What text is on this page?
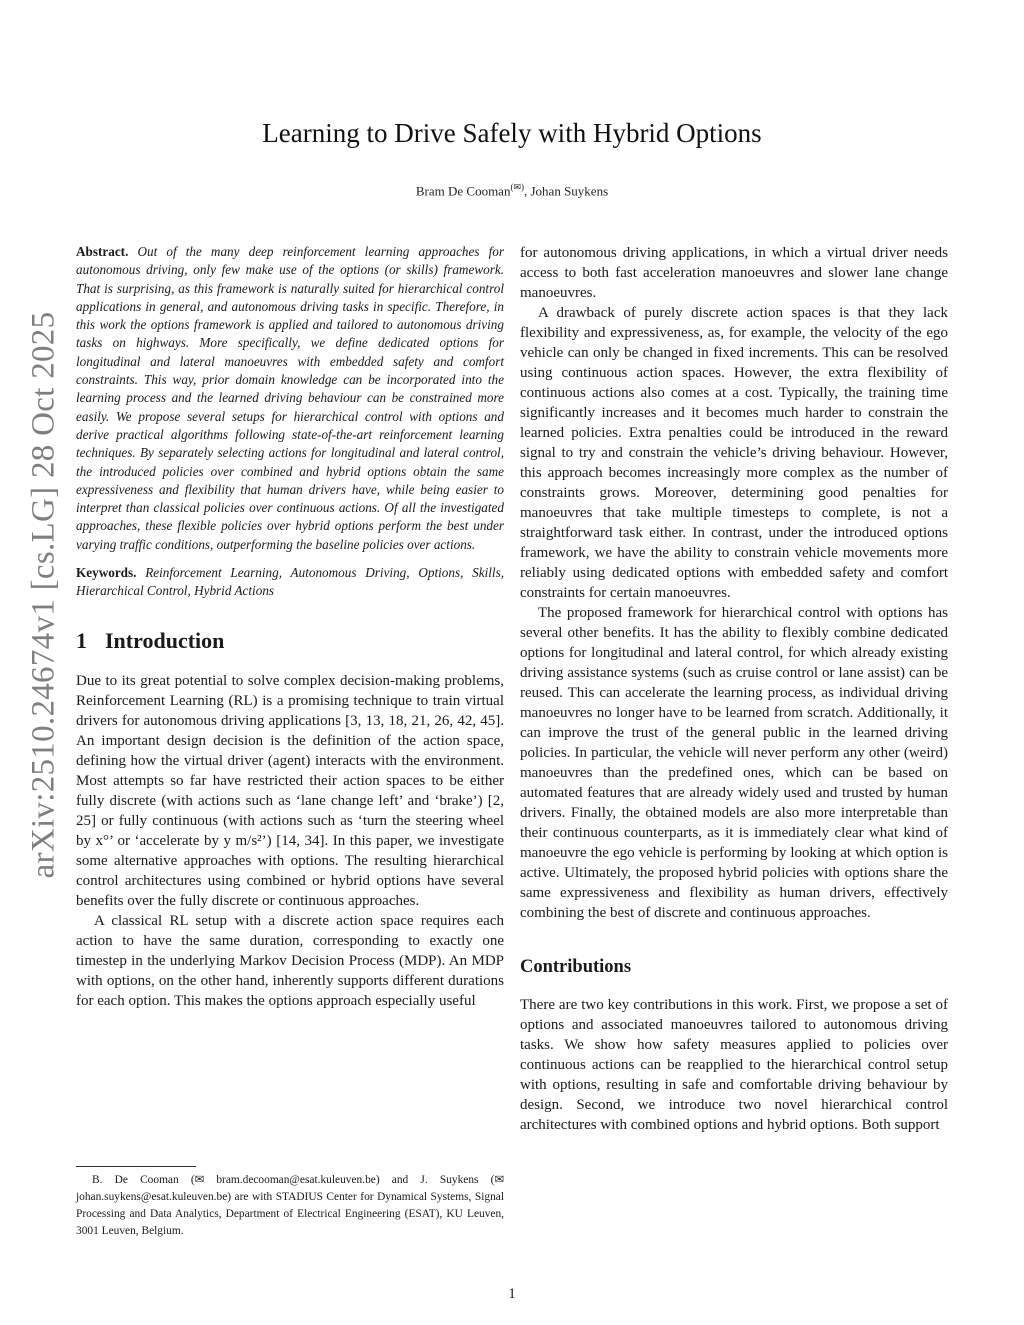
arXiv:2510.24674v1 [cs.LG] 28 Oct 2025
Learning to Drive Safely with Hybrid Options
Bram De Cooman(✉), Johan Suykens

Abstract. Out of the many deep reinforcement learning approaches for autonomous driving, only few make use of the options (or skills) framework. That is surprising, as this framework is naturally suited for hierarchical control applications in general, and autonomous driving tasks in specific. Therefore, in this work the options framework is applied and tailored to autonomous driving tasks on highways. More specifically, we define dedicated options for longitudinal and lateral manoeuvres with embedded safety and comfort constraints. This way, prior domain knowledge can be incorporated into the learning process and the learned driving behaviour can be constrained more easily. We propose several setups for hierarchical control with options and derive practical algorithms following state-of-the-art reinforcement learning techniques. By separately selecting actions for longitudinal and lateral control, the introduced policies over combined and hybrid options obtain the same expressiveness and flexibility that human drivers have, while being easier to interpret than classical policies over continuous actions. Of all the investigated approaches, these flexible policies over hybrid options perform the best under varying traffic conditions, outperforming the baseline policies over actions.

Keywords. Reinforcement Learning, Autonomous Driving, Options, Skills, Hierarchical Control, Hybrid Actions

1 Introduction

Due to its great potential to solve complex decision-making problems, Reinforcement Learning (RL) is a promising technique to train virtual drivers for autonomous driving applications [3, 13, 18, 21, 26, 42, 45]. An important design decision is the definition of the action space, defining how the virtual driver (agent) interacts with the environment. Most attempts so far have restricted their action spaces to be either fully discrete (with actions such as ‘lane change left’ and ‘brake’) [2, 25] or fully continuous (with actions such as ‘turn the steering wheel by x°’ or ‘accelerate by y m/s²’) [14, 34]. In this paper, we investigate some alternative approaches with options. The resulting hierarchical control architectures using combined or hybrid options have several benefits over the fully discrete or continuous approaches.

A classical RL setup with a discrete action space requires each action to have the same duration, corresponding to exactly one timestep in the underlying Markov Decision Process (MDP). An MDP with options, on the other hand, inherently supports different durations for each option. This makes the options approach especially useful

for autonomous driving applications, in which a virtual driver needs access to both fast acceleration manoeuvres and slower lane change manoeuvres.

A drawback of purely discrete action spaces is that they lack flexibility and expressiveness, as, for example, the velocity of the ego vehicle can only be changed in fixed increments. This can be resolved using continuous action spaces. However, the extra flexibility of continuous actions also comes at a cost. Typically, the training time significantly increases and it becomes much harder to constrain the learned policies. Extra penalties could be introduced in the reward signal to try and constrain the vehicle’s driving behaviour. However, this approach becomes increasingly more complex as the number of constraints grows. Moreover, determining good penalties for manoeuvres that take multiple timesteps to complete, is not a straightforward task either. In contrast, under the introduced options framework, we have the ability to constrain vehicle movements more reliably using dedicated options with embedded safety and comfort constraints for certain manoeuvres.

The proposed framework for hierarchical control with options has several other benefits. It has the ability to flexibly combine dedicated options for longitudinal and lateral control, for which already existing driving assistance systems (such as cruise control or lane assist) can be reused. This can accelerate the learning process, as individual driving manoeuvres no longer have to be learned from scratch. Additionally, it can improve the trust of the general public in the learned driving policies. In particular, the vehicle will never perform any other (weird) manoeuvres than the predefined ones, which can be based on automated features that are already widely used and trusted by human drivers. Finally, the obtained models are also more interpretable than their continuous counterparts, as it is immediately clear what kind of manoeuvre the ego vehicle is performing by looking at which option is active. Ultimately, the proposed hybrid policies with options share the same expressiveness and flexibility as human drivers, effectively combining the best of discrete and continuous approaches.

Contributions

There are two key contributions in this work. First, we propose a set of options and associated manoeuvres tailored to autonomous driving tasks. We show how safety measures applied to policies over continuous actions can be reapplied to the hierarchical control setup with options, resulting in safe and comfortable driving behaviour by design. Second, we introduce two novel hierarchical control architectures with combined options and hybrid options. Both support

B. De Cooman (✉ bram.decooman@esat.kuleuven.be) and J. Suykens (✉ johan.suykens@esat.kuleuven.be) are with STADIUS Center for Dynamical Systems, Signal Processing and Data Analytics, Department of Electrical Engineering (ESAT), KU Leuven, 3001 Leuven, Belgium.
1
